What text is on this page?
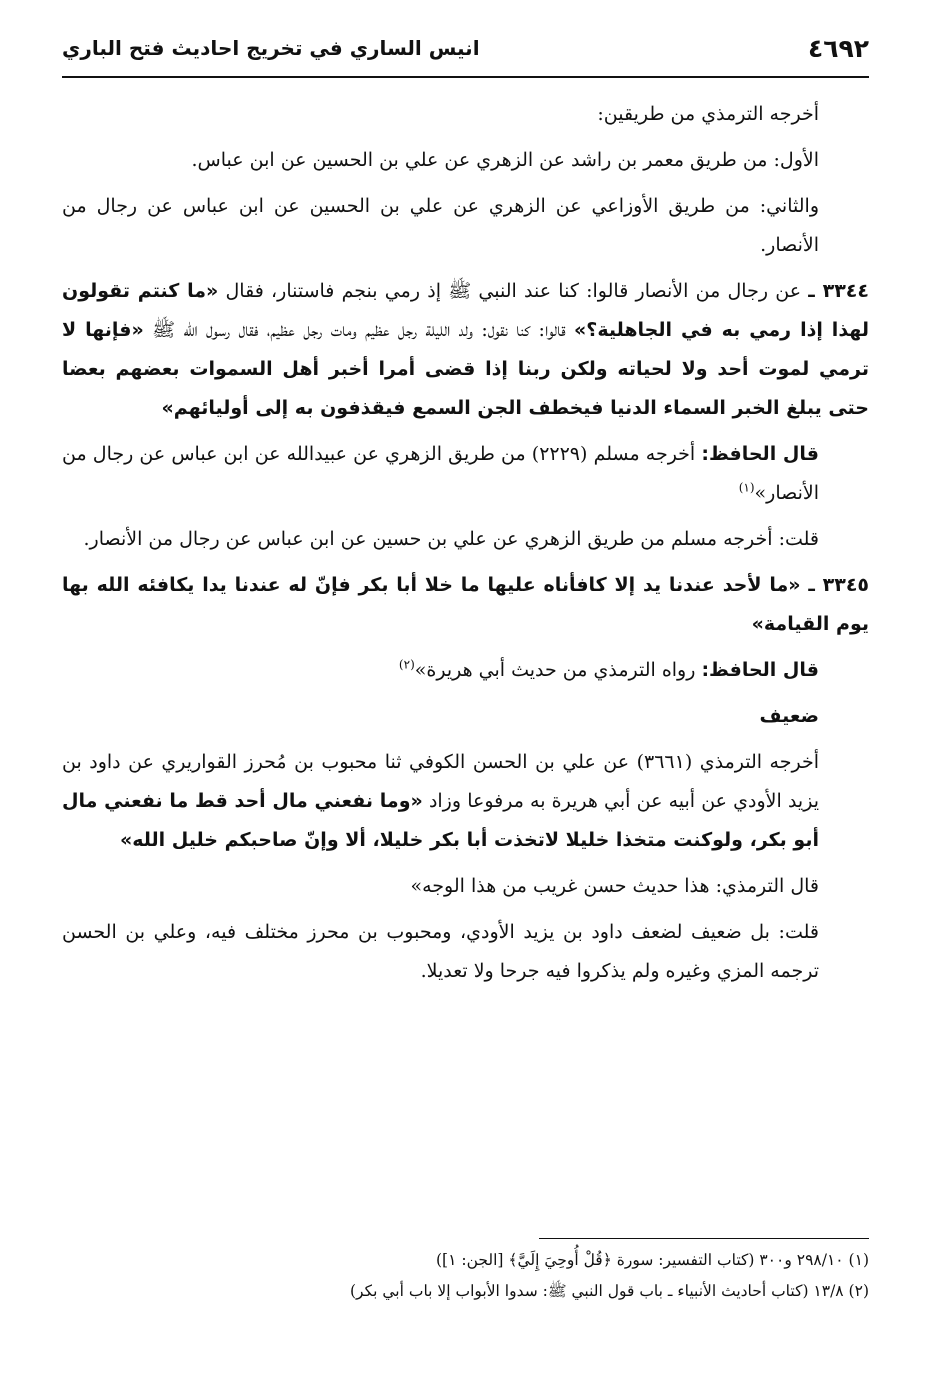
٤٦٩٢
انيس الساري في تخريج احاديث فتح الباري

أخرجه الترمذي من طريقين:

الأول: من طريق معمر بن راشد عن الزهري عن علي بن الحسين عن ابن عباس.

والثاني: من طريق الأوزاعي عن الزهري عن علي بن الحسين عن ابن عباس عن رجال من الأنصار.

٣٣٤٤ ـ عن رجال من الأنصار قالوا: كنا عند النبي ﷺ إذ رمي بنجم فاستنار، فقال «ما كنتم تقولون لهذا إذا رمي به في الجاهلية؟» قالوا: كنا نقول: ولد الليلة رجل عظيم ومات رجل عظيم، فقال رسول الله ﷺ «فإنها لا ترمي لموت أحد ولا لحياته ولكن ربنا إذا قضى أمرا أخبر أهل السموات بعضهم بعضا حتى يبلغ الخبر السماء الدنيا فيخطف الجن السمع فيقذفون به إلى أوليائهم»

قال الحافظ: أخرجه مسلم (٢٢٢٩) من طريق الزهري عن عبيدالله عن ابن عباس عن رجال من الأنصار»$^{(١)}$

قلت: أخرجه مسلم من طريق الزهري عن علي بن حسين عن ابن عباس عن رجال من الأنصار.

٣٣٤٥ ـ «ما لأحد عندنا يد إلا كافأناه عليها ما خلا أبا بكر فإنّ له عندنا يدا يكافئه الله بها يوم القيامة»

قال الحافظ: رواه الترمذي من حديث أبي هريرة»$^{(٢)}$

ضعيف

أخرجه الترمذي (٣٦٦١) عن علي بن الحسن الكوفي ثنا محبوب بن مُحرز القواريري عن داود بن يزيد الأودي عن أبيه عن أبي هريرة به مرفوعا وزاد «وما نفعني مال أحد قط ما نفعني مال أبو بكر، ولوكنت متخذا خليلا لاتخذت أبا بكر خليلا، ألا وإنّ صاحبكم خليل الله»

قال الترمذي: هذا حديث حسن غريب من هذا الوجه»

قلت: بل ضعيف لضعف داود بن يزيد الأودي، ومحبوب بن محرز مختلف فيه، وعلي بن الحسن ترجمه المزي وغيره ولم يذكروا فيه جرحا ولا تعديلا.

(١) ٢٩٨/١٠ و٣٠٠ (كتاب التفسير: سورة ﴿قُلْ أُوحِيَ إِلَيَّ﴾ [الجن: ١])

(٢) ١٣/٨ (كتاب أحاديث الأنبياء ـ باب قول النبي ﷺ: سدوا الأبواب إلا باب أبي بكر)
